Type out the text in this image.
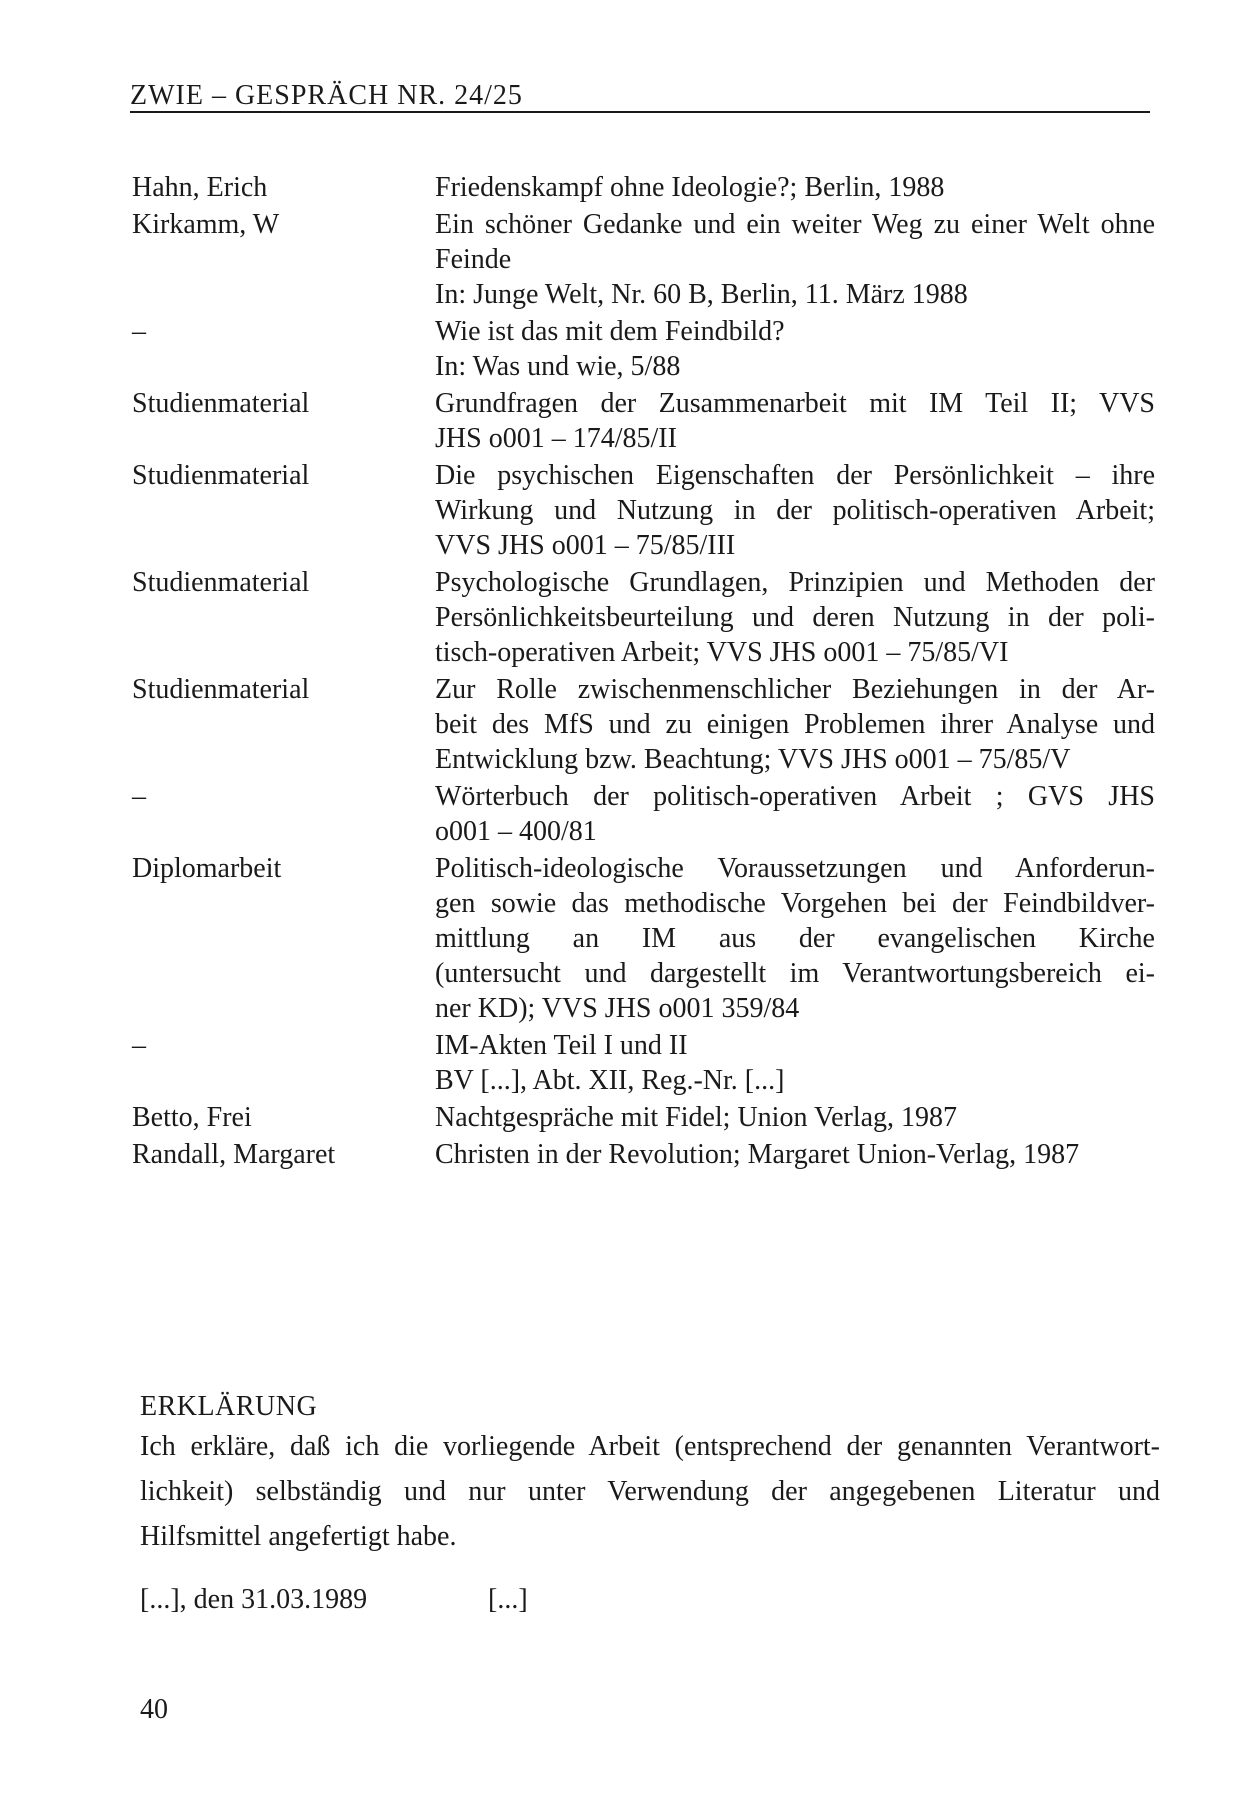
ZWIE – GESPRÄCH NR. 24/25
Hahn, Erich	Friedenskampf ohne Ideologie?; Berlin, 1988
Kirkamm, W	Ein schöner Gedanke und ein weiter Weg zu einer Welt ohne
Feinde
In: Junge Welt, Nr. 60 B, Berlin, 11. März 1988
–	Wie ist das mit dem Feindbild?
In: Was und wie, 5/88
Studienmaterial	Grundfragen der Zusammenarbeit mit IM Teil II; VVS
JHS o001 – 174/85/II
Studienmaterial	Die psychischen Eigenschaften der Persönlichkeit – ihre
Wirkung und Nutzung in der politisch-operativen Arbeit;
VVS JHS o001 – 75/85/III
Studienmaterial	Psychologische Grundlagen, Prinzipien und Methoden der
Persönlichkeitsbeurteilung und deren Nutzung in der poli-
tisch-operativen Arbeit; VVS JHS o001 – 75/85/VI
Studienmaterial	Zur Rolle zwischenmenschlicher Beziehungen in der Ar-
beit des MfS und zu einigen Problemen ihrer Analyse und
Entwicklung bzw. Beachtung; VVS JHS o001 – 75/85/V
–	Wörterbuch der politisch-operativen Arbeit ; GVS JHS
o001 – 400/81
Diplomarbeit	Politisch-ideologische Voraussetzungen und Anforderun-
gen sowie das methodische Vorgehen bei der Feindbildver-
mittlung an IM aus der evangelischen Kirche
(untersucht und dargestellt im Verantwortungsbereich ei-
ner KD); VVS JHS o001 359/84
–	IM-Akten Teil I und II
BV [...], Abt. XII, Reg.-Nr. [...]
Betto, Frei	Nachtgespräche mit Fidel; Union Verlag, 1987
Randall, Margaret	Christen in der Revolution; Margaret Union-Verlag, 1987
ERKLÄRUNG
Ich erkläre, daß ich die vorliegende Arbeit (entsprechend der genannten Verantwort-
lichkeit) selbständig und nur unter Verwendung der angegebenen Literatur und
Hilfsmittel angefertigt habe.
[...], den 31.03.1989	[...]
40
